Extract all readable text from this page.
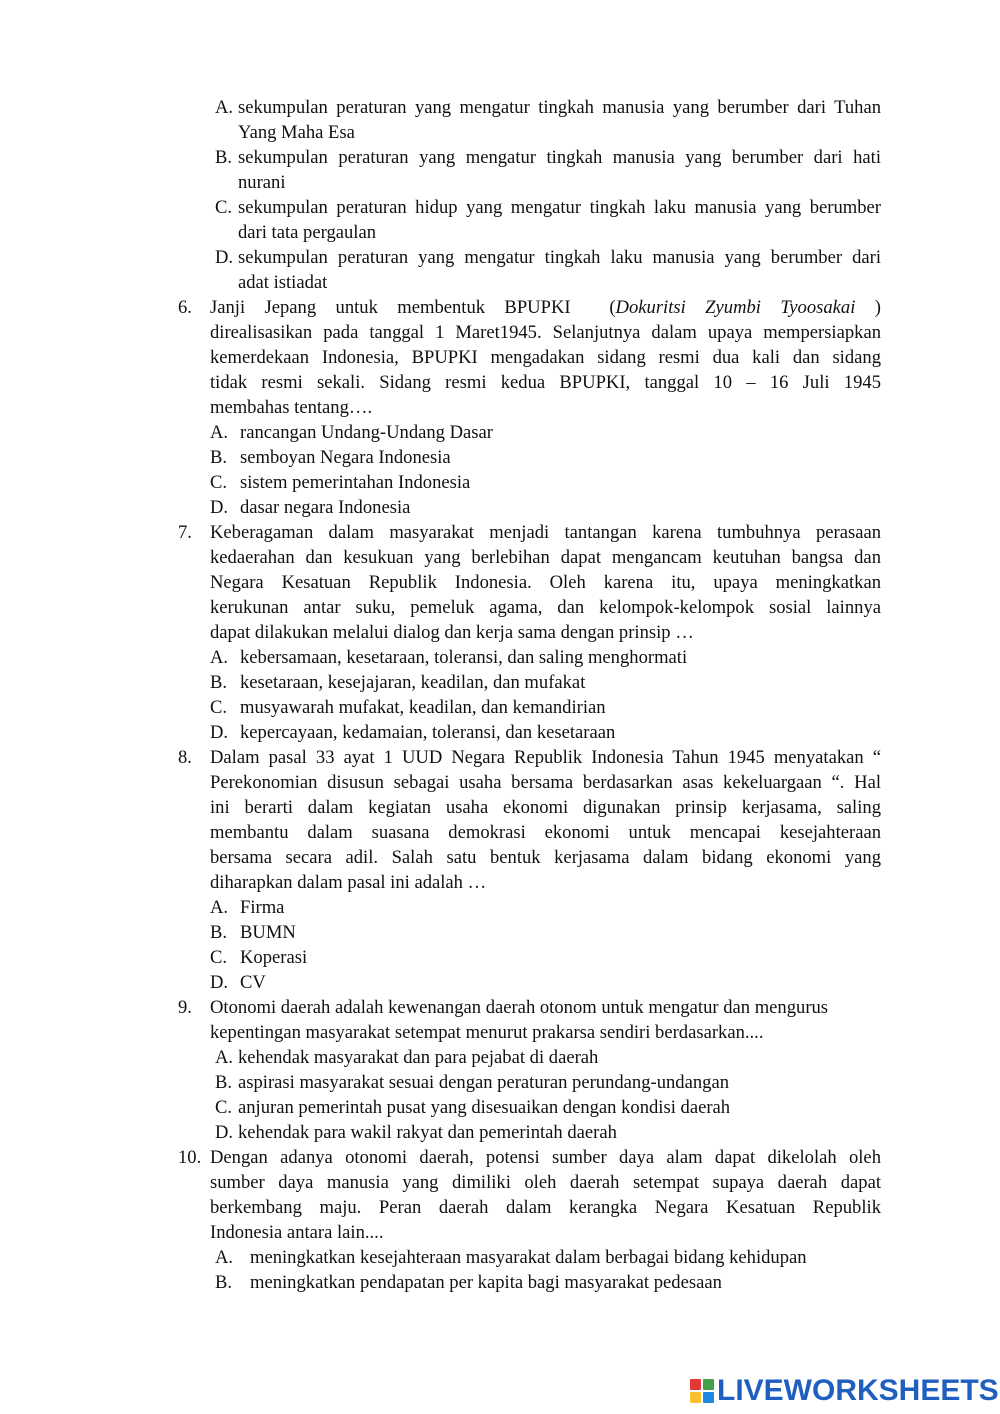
A. sekumpulan peraturan yang mengatur tingkah manusia yang berumber dari Tuhan
Yang Maha Esa
B. sekumpulan peraturan yang mengatur tingkah manusia yang berumber dari hati
nurani
C. sekumpulan peraturan hidup yang mengatur tingkah laku manusia yang berumber
dari tata pergaulan
D. sekumpulan peraturan yang mengatur tingkah laku manusia yang berumber dari
adat istiadat
6. Janji Jepang untuk membentuk BPUPKI  (Dokuritsi Zyumbi Tyoosakai )
direalisasikan pada tanggal 1 Maret1945. Selanjutnya dalam upaya mempersiapkan
kemerdekaan Indonesia, BPUPKI mengadakan sidang resmi dua kali dan sidang
tidak resmi sekali. Sidang resmi kedua BPUPKI, tanggal 10 – 16 Juli 1945
membahas tentang….
A. rancangan Undang-Undang Dasar
B. semboyan Negara Indonesia
C. sistem pemerintahan Indonesia
D. dasar negara Indonesia
7. Keberagaman dalam masyarakat menjadi tantangan karena tumbuhnya perasaan
kedaerahan dan kesukuan yang berlebihan dapat mengancam keutuhan bangsa dan
Negara Kesatuan Republik Indonesia. Oleh karena itu, upaya meningkatkan
kerukunan antar suku, pemeluk agama, dan kelompok-kelompok sosial lainnya
dapat dilakukan melalui dialog dan kerja sama dengan prinsip …
A. kebersamaan, kesetaraan, toleransi, dan saling menghormati
B. kesetaraan, kesejajaran, keadilan, dan mufakat
C. musyawarah mufakat, keadilan, dan kemandirian
D. kepercayaan, kedamaian, toleransi, dan kesetaraan
8. Dalam pasal 33 ayat 1 UUD Negara Republik Indonesia Tahun 1945 menyatakan “
Perekonomian disusun sebagai usaha bersama berdasarkan asas kekeluargaan “. Hal
ini berarti dalam kegiatan usaha ekonomi digunakan prinsip kerjasama, saling
membantu dalam suasana demokrasi ekonomi untuk mencapai kesejahteraan
bersama secara adil. Salah satu bentuk kerjasama dalam bidang ekonomi yang
diharapkan dalam pasal ini adalah …
A. Firma
B. BUMN
C. Koperasi
D. CV
9. Otonomi daerah adalah kewenangan daerah otonom untuk mengatur dan mengurus
kepentingan masyarakat setempat menurut prakarsa sendiri berdasarkan....
A. kehendak masyarakat dan para pejabat di daerah
B. aspirasi masyarakat sesuai dengan peraturan perundang-undangan
C. anjuran pemerintah pusat yang disesuaikan dengan kondisi daerah
D. kehendak para wakil rakyat dan pemerintah daerah
10. Dengan adanya otonomi daerah, potensi sumber daya alam dapat dikelolah oleh
sumber daya manusia yang dimiliki oleh daerah setempat supaya daerah dapat
berkembang maju. Peran daerah dalam kerangka Negara Kesatuan Republik
Indonesia antara lain....
A. meningkatkan kesejahteraan masyarakat dalam berbagai bidang kehidupan
B. meningkatkan pendapatan per kapita bagi masyarakat pedesaan
LIVEWORKSHEETS
